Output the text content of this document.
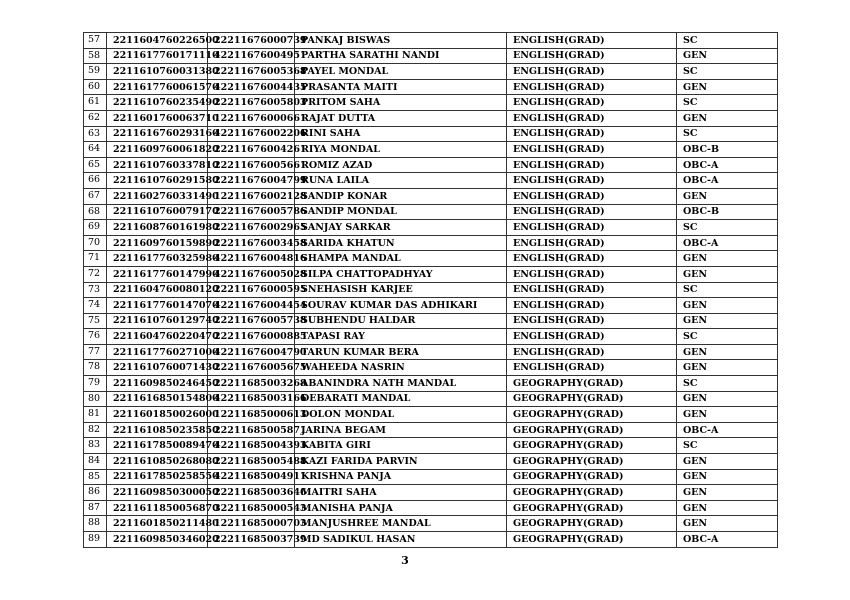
57	2211604760226500	22211676000739	PANKAJ BISWAS	ENGLISH(GRAD)	SC
58	2211617760171110	42211676004951	PARTHA SARATHI NANDI	ENGLISH(GRAD)	GEN
59	2211610760031380	22211676005368	PAYEL MONDAL	ENGLISH(GRAD)	SC
60	2211617760061570	42211676004435	PRASANTA MAITI	ENGLISH(GRAD)	GEN
61	2211610760235490	22211676005803	PRITOM SAHA	ENGLISH(GRAD)	SC
62	2211601760063710	12211676000661	RAJAT DUTTA	ENGLISH(GRAD)	GEN
63	2211616760293160	42211676002206	RINI SAHA	ENGLISH(GRAD)	SC
64	2211609760061820	22211676004261	RIYA MONDAL	ENGLISH(GRAD)	OBC-B
65	2211610760337810	22211676005661	ROMIZ AZAD	ENGLISH(GRAD)	OBC-A
66	2211610760291580	22211676004799	RUNA LAILA	ENGLISH(GRAD)	OBC-A
67	2211602760331490	12211676002128	SANDIP KONAR	ENGLISH(GRAD)	GEN
68	2211610760079170	22211676005786	SANDIP MONDAL	ENGLISH(GRAD)	OBC-B
69	2211608760161980	22211676002965	SANJAY SARKAR	ENGLISH(GRAD)	SC
70	2211609760159890	22211676003458	SARIDA KHATUN	ENGLISH(GRAD)	OBC-A
71	2211617760325980	42211676004816	SHAMPA MANDAL	ENGLISH(GRAD)	GEN
72	2211617760147990	42211676005028	SILPA CHATTOPADHYAY	ENGLISH(GRAD)	GEN
73	2211604760080120	22211676000595	SNEHASISH KARJEE	ENGLISH(GRAD)	SC
74	2211617760147070	42211676004454	SOURAV KUMAR DAS ADHIKARI	ENGLISH(GRAD)	GEN
75	2211610760129740	22211676005738	SUBHENDU HALDAR	ENGLISH(GRAD)	GEN
76	2211604760220470	22211676000885	TAPASI RAY	ENGLISH(GRAD)	SC
77	2211617760271000	42211676004790	TARUN KUMAR BERA	ENGLISH(GRAD)	GEN
78	2211610760071430	22211676005675	WAHEEDA NASRIN	ENGLISH(GRAD)	GEN
79	2211609850246450	22211685003268	ABANINDRA NATH MANDAL	GEOGRAPHY(GRAD)	SC
80	2211616850154800	42211685003166	DEBARATI MANDAL	GEOGRAPHY(GRAD)	GEN
81	2211601850026000	12211685000613	DOLON MONDAL	GEOGRAPHY(GRAD)	GEN
82	2211610850235850	22211685005871	JARINA BEGAM	GEOGRAPHY(GRAD)	OBC-A
83	2211617850089470	42211685004393	KABITA GIRI	GEOGRAPHY(GRAD)	SC
84	2211610850268080	22211685005488	KAZI FARIDA PARVIN	GEOGRAPHY(GRAD)	GEN
85	2211617850258550	42211685004911	KRISHNA PANJA	GEOGRAPHY(GRAD)	GEN
86	2211609850300050	22211685003646	MAITRI SAHA	GEOGRAPHY(GRAD)	GEN
87	2211611850056870	32211685000543	MANISHA PANJA	GEOGRAPHY(GRAD)	GEN
88	2211601850211480	12211685000703	MANJUSHREE MANDAL	GEOGRAPHY(GRAD)	GEN
89	2211609850346020	22211685003739	MD SADIKUL HASAN	GEOGRAPHY(GRAD)	OBC-A
3
